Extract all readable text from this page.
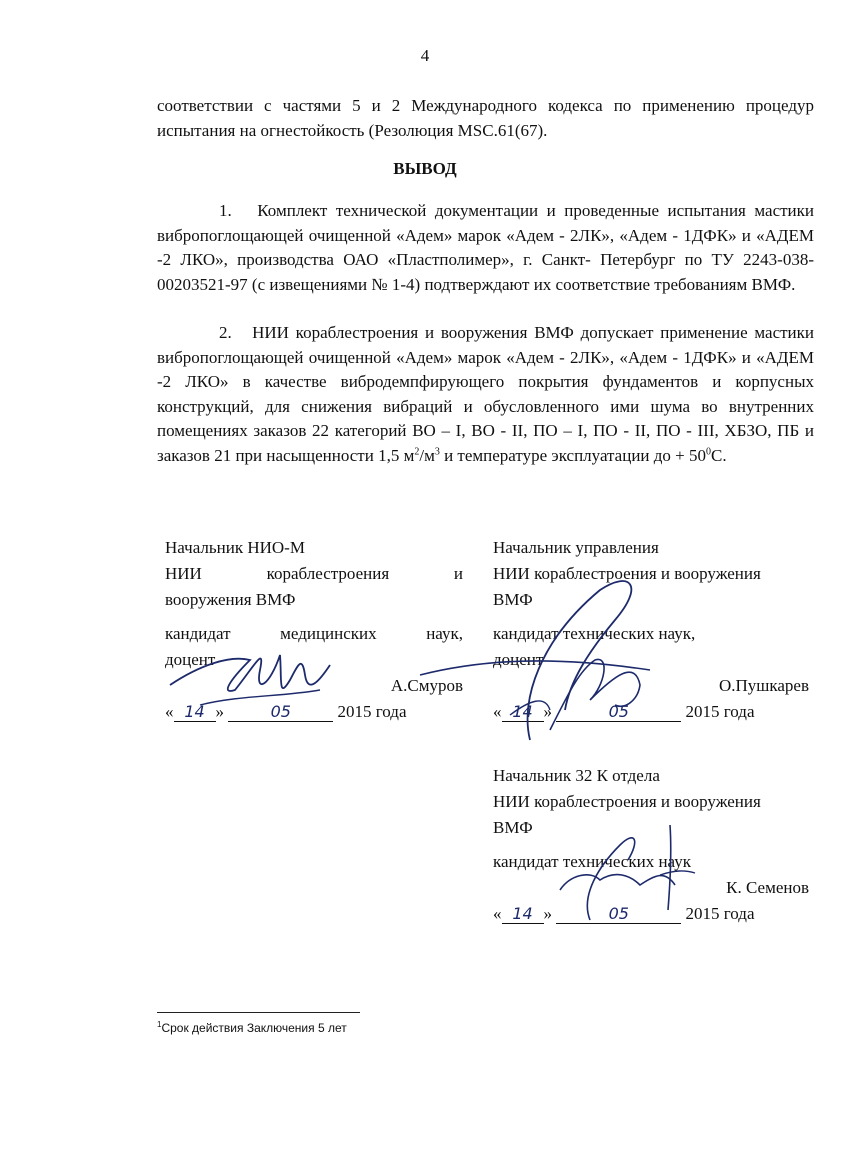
4

соответствии с частями 5 и 2 Международного кодекса по применению процедур испытания на огнестойкость (Резолюция MSC.61(67).

ВЫВОД

1.   Комплект технической документации и проведенные испытания мастики вибропоглощающей очищенной «Адем» марок «Адем - 2ЛК», «Адем - 1ДФК» и «АДЕМ -2 ЛКО», производства ОАО «Пластполимер», г. Санкт- Петербург по ТУ 2243-038-00203521-97 (с извещениями № 1-4) подтверждают их соответствие требованиям ВМФ.

2.   НИИ кораблестроения и вооружения ВМФ допускает применение мастики вибропоглощающей очищенной «Адем» марок «Адем - 2ЛК», «Адем - 1ДФК» и «АДЕМ -2 ЛКО» в качестве вибродемпфирующего покрытия фундаментов и корпусных конструкций, для снижения вибраций и обусловленного ими шума во внутренних помещениях заказов 22 категорий ВО – I, ВО - II, ПО – I, ПО - II, ПО - III, ХБЗО, ПБ и заказов 21 при насыщенности 1,5 $м^2/м^3$ и температуре эксплуатации до + $50^0С$.

Начальник НИО-М
НИИ кораблестроения и
вооружения ВМФ
кандидат медицинских наук,
доцент
А.Смуров
« 14 »	05	2015 года
Начальник управления
НИИ кораблестроения и вооружения
ВМФ
кандидат технических наук,
доцент
О.Пушкарев
« 14 »	05	2015 года
Начальник 32 К отдела
НИИ кораблестроения и вооружения
ВМФ
кандидат технических наук
К. Семенов
« 14 »	05	2015 года
$^1$Срок действия Заключения 5 лет
